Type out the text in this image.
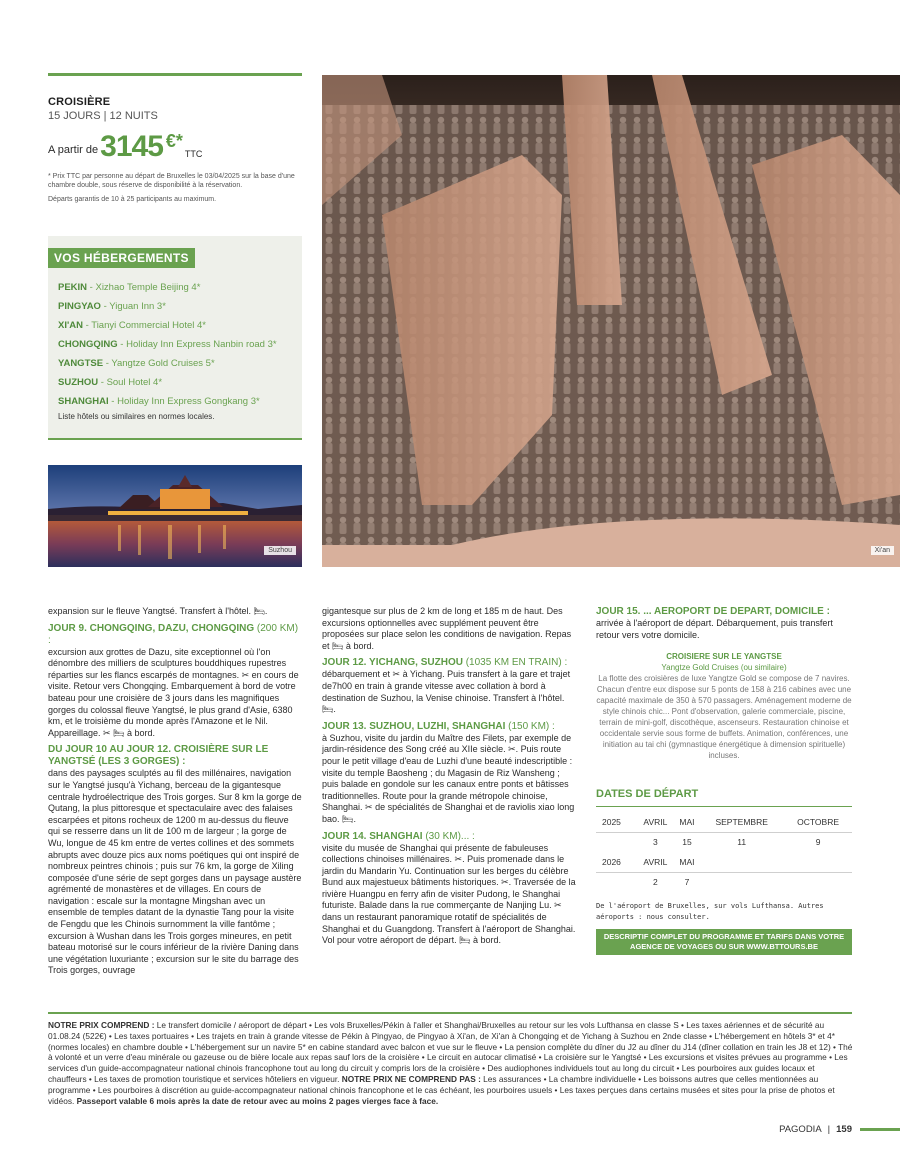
CROISIÈRE
15 JOURS | 12 NUITS
A partir de 3145 €*
TTC
* Prix TTC par personne au départ de Bruxelles le 03/04/2025 sur la base d'une chambre double, sous réserve de disponibilité à la réservation.
Départs garantis de 10 à 25 participants au maximum.
VOS HÉBERGEMENTS
PEKIN - Xizhao Temple Beijing 4*
PINGYAO - Yiguan Inn 3*
XI'AN - Tianyi Commercial Hotel 4*
CHONGQING - Holiday Inn Express Nanbin road 3*
YANGTSE - Yangtze Gold Cruises 5*
SUZHOU - Soul Hotel 4*
SHANGHAI - Holiday Inn Express Gongkang 3*
Liste hôtels ou similaires en normes locales.
Suzhou	Xi'an

expansion sur le fleuve Yangtsé. Transfert à l'hôtel. 🛏.

JOUR 9. CHONGQING, DAZU, CHONGQING (200 KM) :

excursion aux grottes de Dazu, site exceptionnel où l'on dénombre des milliers de sculptures bouddhiques rupestres réparties sur les flancs escarpés de montagnes. ✂ en cours de visite. Retour vers Chongqing. Embarquement à bord de votre bateau pour une croisière de 3 jours dans les magnifiques gorges du colossal fleuve Yangtsé, le plus grand d'Asie, 6380 km, et le troisième du monde après l'Amazone et le Nil. Appareillage. ✂ 🛏 à bord.

DU JOUR 10 AU JOUR 12. CROISIÈRE SUR LE YANGTSÉ (LES 3 GORGES) :

dans des paysages sculptés au fil des millénaires, navigation sur le Yangtsé jusqu'à Yichang, berceau de la gigantesque centrale hydroélectrique des Trois gorges. Sur 8 km la gorge de Qutang, la plus pittoresque et spectaculaire avec des falaises escarpées et pitons rocheux de 1200 m au-dessus du fleuve qui se resserre dans un lit de 100 m de largeur ; la gorge de Wu, longue de 45 km entre de vertes collines et des sommets abrupts avec douze pics aux noms poétiques qui ont inspiré de nombreux peintres chinois ; puis sur 76 km, la gorge de Xiling composée d'une série de sept gorges dans un paysage austère agrémenté de monastères et de villages. En cours de navigation : escale sur la montagne Mingshan avec un ensemble de temples datant de la dynastie Tang pour la visite de Fengdu que les Chinois surnomment la ville fantôme ; excursion à Wushan dans les Trois gorges mineures, en petit bateau motorisé sur le cours inférieur de la rivière Daning dans une végétation luxuriante ; excursion sur le site du barrage des Trois gorges, ouvrage

gigantesque sur plus de 2 km de long et 185 m de haut. Des excursions optionnelles avec supplément peuvent être proposées sur place selon les conditions de navigation. Repas et 🛏 à bord.

JOUR 12. YICHANG, SUZHOU (1035 KM EN TRAIN) :

débarquement et ✂ à Yichang. Puis transfert à la gare et trajet de7h00 en train à grande vitesse avec collation à bord à destination de Suzhou, la Venise chinoise. Transfert à l'hôtel. 🛏.

JOUR 13. SUZHOU, LUZHI, SHANGHAI (150 KM) :

à Suzhou, visite du jardin du Maître des Filets, par exemple de jardin-résidence des Song créé au XIIe siècle. ✂. Puis route pour le petit village d'eau de Luzhi d'une beauté indescriptible : visite du temple Baosheng ; du Magasin de Riz Wansheng ; puis balade en gondole sur les canaux entre ponts et bâtisses traditionnelles. Route pour la grande métropole chinoise, Shanghai. ✂ de spécialités de Shanghai et de raviolis xiao long bao. 🛏.

JOUR 14. SHANGHAI (30 KM)... :

visite du musée de Shanghai qui présente de fabuleuses collections chinoises millénaires. ✂. Puis promenade dans le jardin du Mandarin Yu. Continuation sur les berges du célèbre Bund aux majestueux bâtiments historiques. ✂. Traversée de la rivière Huangpu en ferry afin de visiter Pudong, le Shanghai futuriste. Balade dans la rue commerçante de Nanjing Lu. ✂ dans un restaurant panoramique rotatif de spécialités de Shanghai et du Guangdong. Transfert à l'aéroport de Shanghai. Vol pour votre aéroport de départ. 🛏 à bord.

JOUR 15. ... AEROPORT DE DEPART, DOMICILE :

arrivée à l'aéroport de départ. Débarquement, puis transfert retour vers votre domicile.

CROISIERE SUR LE YANGTSE
Yangtze Gold Cruises (ou similaire)
La flotte des croisières de luxe Yangtze Gold se compose de 7 navires. Chacun d'entre eux dispose sur 5 ponts de 158 à 216 cabines avec une capacité maximale de 350 à 570 passagers. Aménagement moderne de style chinois chic... Pont d'observation, galerie commerciale, piscine, terrain de mini-golf, discothèque, ascenseurs. Restauration chinoise et occidentale servie sous forme de buffets. Animation, conférences, une initiation au tai chi (gymnastique énergétique à dimension spirituelle) incluses.
DATES DE DÉPART
2025	AVRIL	MAI	SEPTEMBRE	OCTOBRE
	3	15	11	9
2026	AVRIL	MAI		
	2	7		
De l'aéroport de Bruxelles, sur vols Lufthansa. Autres aéroports : nous consulter.
DESCRIPTIF COMPLET DU PROGRAMME ET TARIFS DANS VOTRE AGENCE DE VOYAGES OU SUR WWW.BTTOURS.BE
NOTRE PRIX COMPREND : Le transfert domicile / aéroport de départ • Les vols Bruxelles/Pékin à l'aller et Shanghai/Bruxelles au retour sur les vols Lufthansa en classe S • Les taxes aériennes et de sécurité au 01.08.24 (522€) • Les taxes portuaires • Les trajets en train à grande vitesse de Pékin à Pingyao, de Pingyao à Xi'an, de Xi'an à Chongqing et de Yichang à Suzhou en 2nde classe • L'hébergement en hôtels 3* et 4* (normes locales) en chambre double • L'hébergement sur un navire 5* en cabine standard avec balcon et vue sur le fleuve • La pension complète du dîner du J2 au dîner du J14 (dîner collation en train les J8 et 12) • Thé à volonté et un verre d'eau minérale ou gazeuse ou de bière locale aux repas sauf lors de la croisière • Le circuit en autocar climatisé • La croisière sur le Yangtsé • Les excursions et visites prévues au programme • Les services d'un guide-accompagnateur national chinois francophone tout au long du circuit y compris lors de la croisière • Des audiophones individuels tout au long du circuit • Les pourboires aux guides locaux et chauffeurs • Les taxes de promotion touristique et services hôteliers en vigueur. NOTRE PRIX NE COMPREND PAS : Les assurances • La chambre individuelle • Les boissons autres que celles mentionnées au programme • Les pourboires à discrétion au guide-accompagnateur national chinois francophone et le cas échéant, les pourboires usuels • Les taxes perçues dans certains musées et sites pour la prise de photos et vidéos. Passeport valable 6 mois après la date de retour avec au moins 2 pages vierges face à face.
PAGODIA | 159
